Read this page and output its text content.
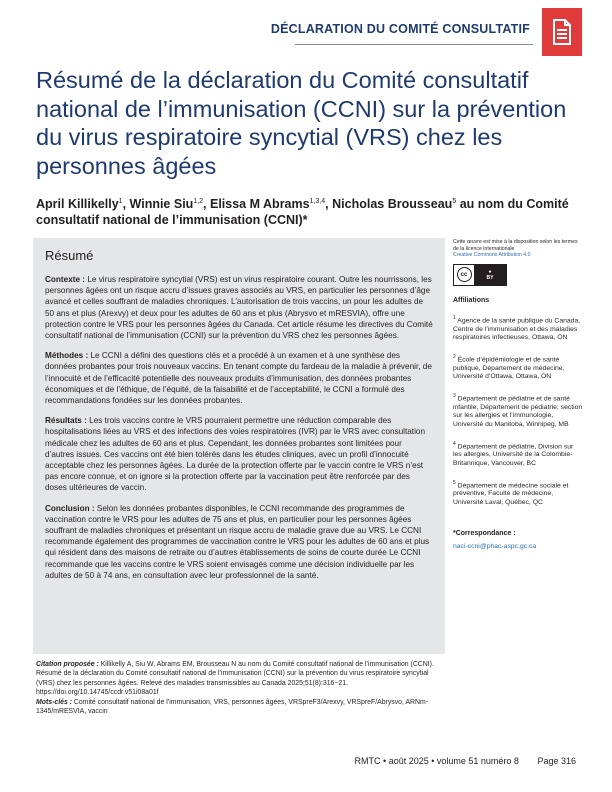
DÉCLARATION DU COMITÉ CONSULTATIF
Résumé de la déclaration du Comité consultatif national de l’immunisation (CCNI) sur la prévention du virus respiratoire syncytial (VRS) chez les personnes âgées
April Killikelly$^1$, Winnie Siu$^{1,2}$, Elissa M Abrams$^{1,3,4}$, Nicholas Brousseau$^5$ au nom du Comité consultatif national de l’immunisation (CCNI)*
Résumé

Contexte : Le virus respiratoire syncytial (VRS) est un virus respiratoire courant. Outre les nourrissons, les personnes âgées ont un risque accru d’issues graves associés au VRS, en particulier les personnes d’âge avancé et celles souffrant de maladies chroniques. L’autorisation de trois vaccins, un pour les adultes de 50 ans et plus (Arexvy) et deux pour les adultes de 60 ans et plus (Abrysvo et mRESVIA), offre une protection contre le VRS pour les personnes âgées du Canada. Cet article résume les directives du Comité consultatif national de l’immunisation (CCNI) sur la prévention du VRS chez les personnes âgées.

Méthodes : Le CCNI a défini des questions clés et a procédé à un examen et à une synthèse des données probantes pour trois nouveaux vaccins. En tenant compte du fardeau de la maladie à prévenir, de l’innocuité et de l’efficacité potentielle des nouveaux produits d’immunisation, des données probantes économiques et de l’éthique, de l’équité, de la faisabilité et de l’acceptabilité, le CCNI a formulé des recommandations fondées sur les données probantes.

Résultats : Les trois vaccins contre le VRS pourraient permettre une réduction comparable des hospitalisations liées au VRS et des infections des voies respiratoires (IVR) par le VRS avec consultation médicale chez les adultes de 60 ans et plus. Cependant, les données probantes sont limitées pour d’autres issues. Ces vaccins ont été bien tolérés dans les études cliniques, avec un profil d’innocuité acceptable chez les personnes âgées. La durée de la protection offerte par le vaccin contre le VRS n’est pas encore connue, et on ignore si la protection offerte par la vaccination peut être renforcée par des doses ultérieures de vaccin.

Conclusion : Selon les données probantes disponibles, le CCNI recommande des programmes de vaccination contre le VRS pour les adultes de 75 ans et plus, en particulier pour les personnes âgées souffrant de maladies chroniques et présentant un risque accru de maladie grave due au VRS. Le CCNI recommande également des programmes de vaccination contre le VRS pour les adultes de 60 ans et plus qui résident dans des maisons de retraite ou d’autres établissements de soins de courte durée Le CCNI recommande que les vaccins contre le VRS soient envisagés comme une décision individuelle par les adultes de 50 à 74 ans, en consultation avec leur professionnel de la santé.

Citation proposée : Killikelly A, Siu W, Abrams EM, Brousseau N au nom du Comité consultatif national de l’immunisation (CCNI). Résumé de la déclaration du Comité consultatif national de l’immunisation (CCNI) sur la prévention du virus respiratoire syncytial (VRS) chez les personnes âgées. Relevé des maladies transmissibles au Canada 2025;51(8):316−21. https://doi.org/10.14745/ccdr.v51i08a01f

Mots-clés : Comité consultatif national de l’immunisation, VRS, personnes âgées, VRSpreF3/Arexvy, VRSpreF/Abrysvo, ARNm-1345/mRESVIA, vaccin

Cette œuvre est mise à la disposition selon les termes de la licence internationale
Creative Commons Attribution 4.0
cc	●
BY
Affiliations
$^1$ Agence de la santé publique du Canada, Centre de l’immunisation et des maladies respiratoires infectieuses, Ottawa, ON
$^2$ École d’épidémiologie et de santé publique, Département de médecine, Université d’Ottawa, Ottawa, ON
$^3$ Département de pédiatrie et de santé infantile, Département de pédiatrie; section sur les allergies et l’immunologie, Université du Manitoba, Winnipeg, MB
$^4$ Département de pédiatrie, Division sur les allergies, Université de la Colombie-Britannique, Vancouver, BC
$^5$ Département de médecine sociale et préventive, Faculté de médecine, Université Laval, Québec, QC
*Correspondance :
naci-ccni@phac-aspc.gc.ca
RMTC • août 2025 • volume 51 numéro 8 Page 316
